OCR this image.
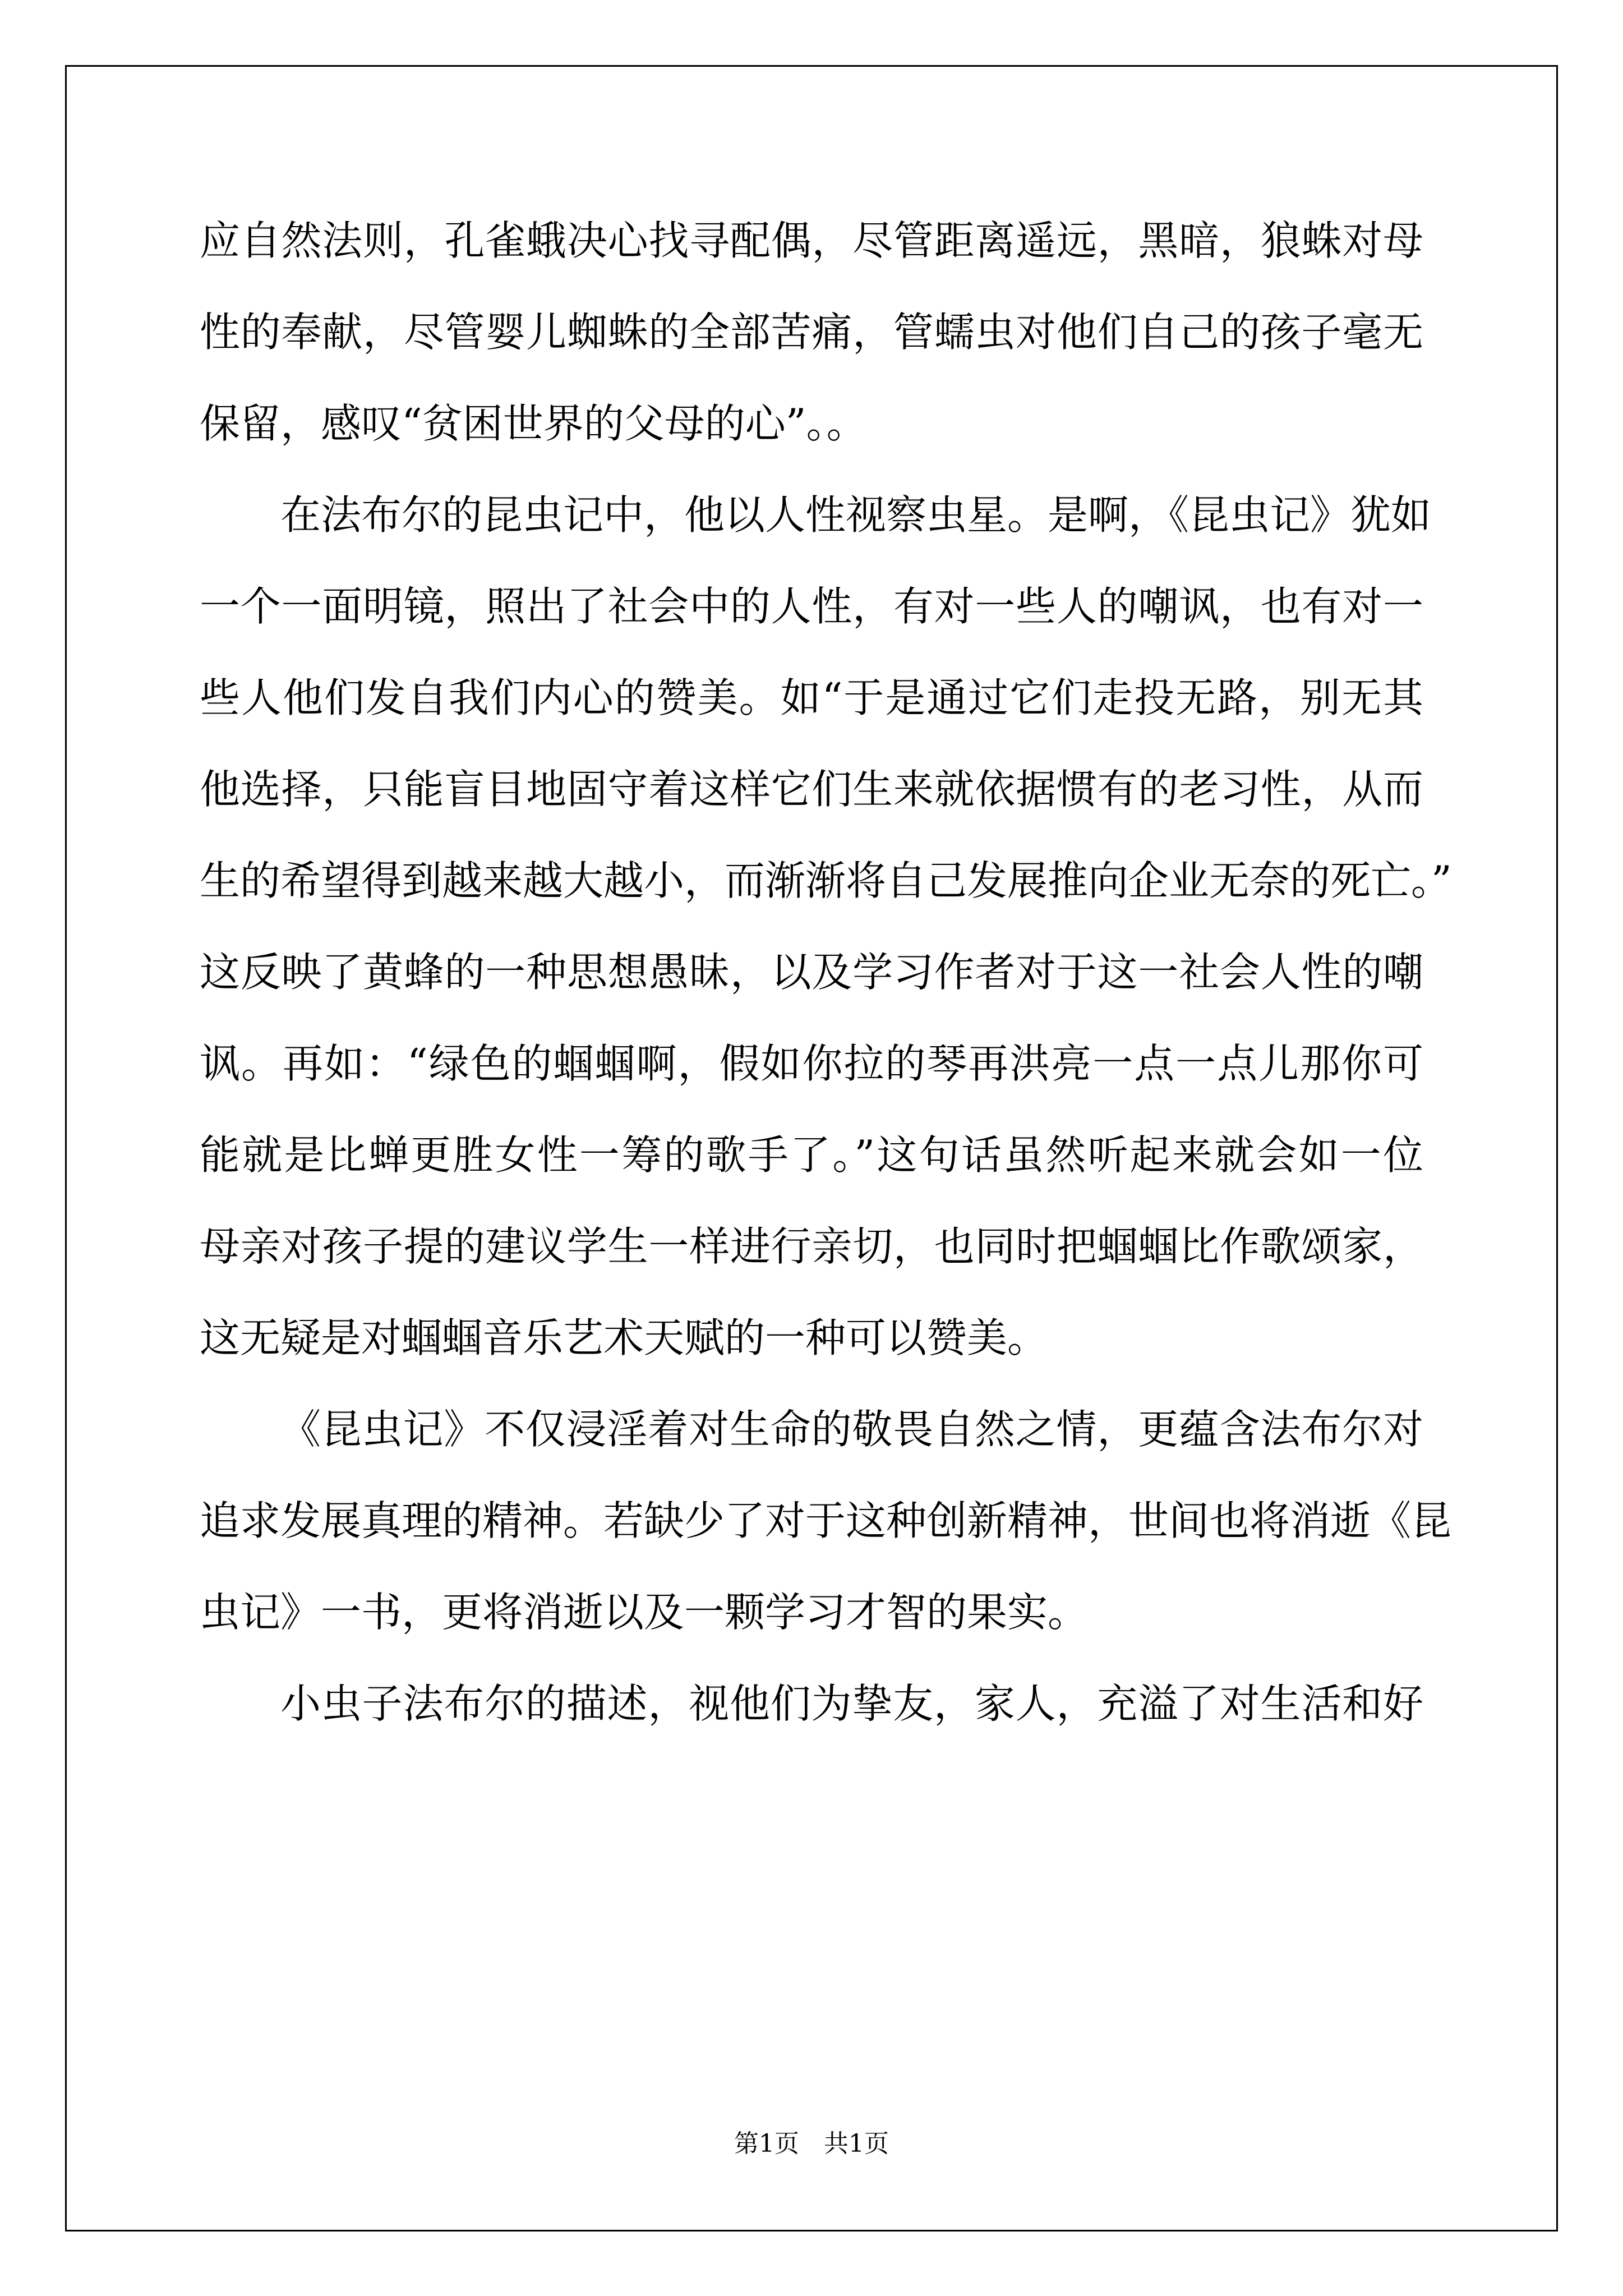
应自然法则，孔雀蛾决心找寻配偶，尽管距离遥远，黑暗，狼蛛对母
性的奉献，尽管婴儿蜘蛛的全部苦痛，管蠕虫对他们自己的孩子毫无
保留，感叹“贫困世界的父母的心”。。
在法布尔的昆虫记中，他以人性视察虫星。是啊，《昆虫记》犹如
一个一面明镜，照出了社会中的人性，有对一些人的嘲讽，也有对一
些人他们发自我们内心的赞美。如“于是通过它们走投无路，别无其
他选择，只能盲目地固守着这样它们生来就依据惯有的老习性，从而
生的希望得到越来越大越小，而渐渐将自己发展推向企业无奈的死亡。”
这反映了黄蜂的一种思想愚昧，以及学习作者对于这一社会人性的嘲
讽。再如：“绿色的蝈蝈啊，假如你拉的琴再洪亮一点一点儿那你可
能就是比蝉更胜女性一筹的歌手了。”这句话虽然听起来就会如一位
母亲对孩子提的建议学生一样进行亲切，也同时把蝈蝈比作歌颂家，
这无疑是对蝈蝈音乐艺术天赋的一种可以赞美。
《昆虫记》不仅浸淫着对生命的敬畏自然之情，更蕴含法布尔对
追求发展真理的精神。若缺少了对于这种创新精神，世间也将消逝《昆
虫记》一书，更将消逝以及一颗学习才智的果实。
小虫子法布尔的描述，视他们为挚友，家人，充溢了对生活和好
第1页 共1页
